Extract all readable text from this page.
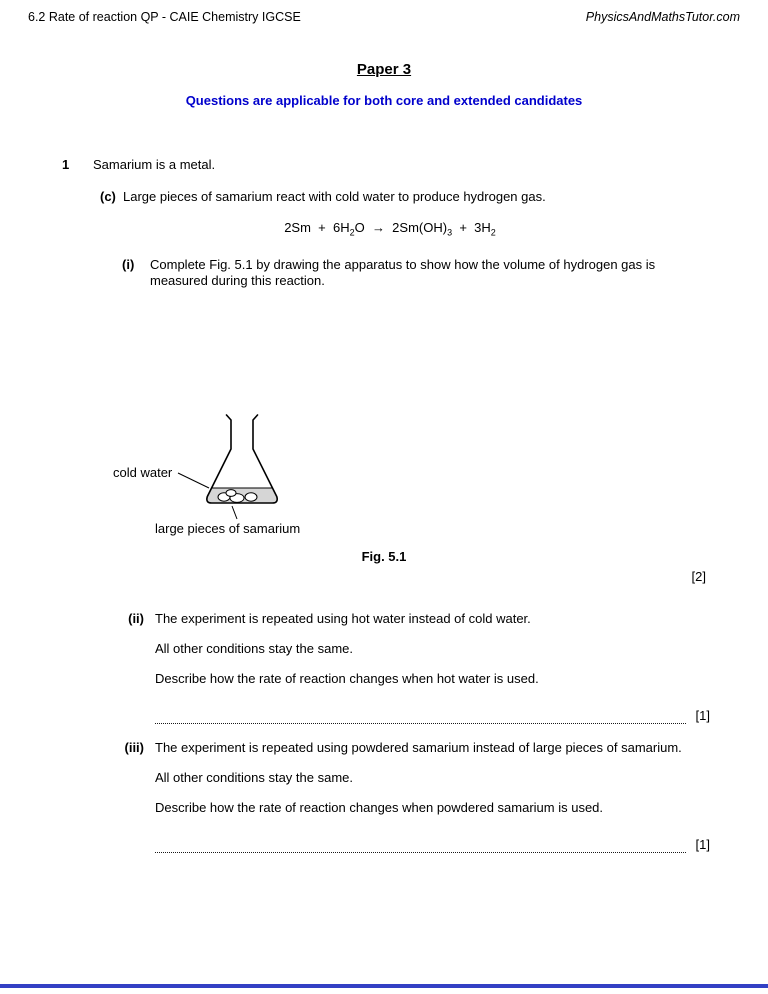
6.2 Rate of reaction QP - CAIE Chemistry IGCSE	PhysicsAndMathsTutor.com
Paper 3
Questions are applicable for both core and extended candidates
1	Samarium is a metal.
(c) Large pieces of samarium react with cold water to produce hydrogen gas.
$2Sm + 6H_2O \to 2Sm(OH)_3 + 3H_2$
(i)	Complete Fig. 5.1 by drawing the apparatus to show how the volume of hydrogen gas is measured during this reaction.
cold water
large pieces of samarium
Fig. 5.1
[2]
(ii) The experiment is repeated using hot water instead of cold water.

All other conditions stay the same.

Describe how the rate of reaction changes when hot water is used.

[1]
(iii) The experiment is repeated using powdered samarium instead of large pieces of samarium.

All other conditions stay the same.

Describe how the rate of reaction changes when powdered samarium is used.

[1]
